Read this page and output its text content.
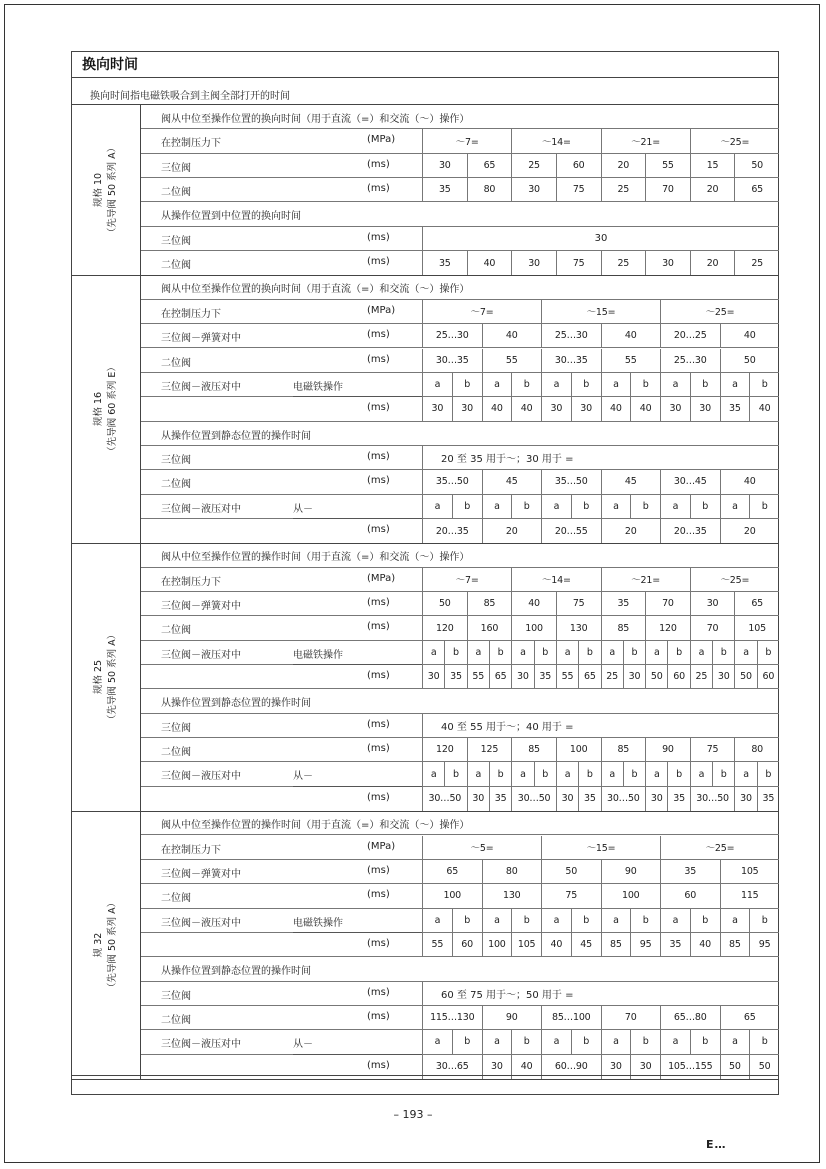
换向时间
换向时间指电磁铁吸合到主阀全部打开的时间
规格 10 （先导阀 50 系列 A）
阀从中位至操作位置的换向时间（用于直流（=）和交流（～）操作）
在控制压力下	(MPa)	～7=	～14=	～21=	～25=
三位阀	(ms)	30	65	25	60	20	55	15	50
二位阀	(ms)	35	80	30	75	25	70	20	65
从操作位置到中位置的换向时间
三位阀	(ms)	30
二位阀	(ms)	35	40	30	75	25	30	20	25
规格 16 （先导阀 60 系列 E）
阀从中位至操作位置的换向时间（用于直流（=）和交流（～）操作）
在控制压力下	(MPa)	～7=	～15=	～25=
三位阀－弹簧对中	(ms)	25…30	40	25…30	40	20…25	40
二位阀	(ms)	30…35	55	30…35	55	25…30	50
三位阀－液压对中	电磁铁操作	a	b	a	b	a	b	a	b	a	b	a	b
(ms)	30	30	40	40	30	30	40	40	30	30	35	40
从操作位置到静态位置的操作时间
三位阀	(ms)	20 至 35 用于～；30 用于 =
二位阀	(ms)	35…50	45	35…50	45	30…45	40
三位阀－液压对中	从－	a	b	a	b	a	b	a	b	a	b	a	b
(ms)	20…35	20	20…55	20	20…35	20
规格 25 （先导阀 50 系列 A）
阀从中位至操作位置的操作时间（用于直流（=）和交流（～）操作）
在控制压力下	(MPa)	～7=	～14=	～21=	～25=
三位阀－弹簧对中	(ms)	50	85	40	75	35	70	30	65
二位阀	(ms)	120	160	100	130	85	120	70	105
三位阀－液压对中	电磁铁操作	a	b	a	b	a	b	a	b	a	b	a	b	a	b	a	b
(ms)	30	35	55	65	30	35	55	65	25	30	50	60	25	30	50	60
从操作位置到静态位置的操作时间
三位阀	(ms)	40 至 55 用于～；40 用于 =
二位阀	(ms)	120	125	85	100	85	90	75	80
三位阀－液压对中	从－	a	b	a	b	a	b	a	b	a	b	a	b	a	b	a	b
(ms)	30…50	30	35	30…50	30	35	30…50	30	35	30…50	30	35
规 32 （先导阀 50 系列 A）
阀从中位至操作位置的操作时间（用于直流（=）和交流（～）操作）
在控制压力下	(MPa)	～5=	～15=	～25=
三位阀－弹簧对中	(ms)	65	80	50	90	35	105
二位阀	(ms)	100	130	75	100	60	115
三位阀－液压对中	电磁铁操作	a	b	a	b	a	b	a	b	a	b	a	b
(ms)	55	60	100	105	40	45	85	95	35	40	85	95
从操作位置到静态位置的操作时间
三位阀	(ms)	60 至 75 用于～；50 用于 =
二位阀	(ms)	115…130	90	85…100	70	65…80	65
三位阀－液压对中	从－	a	b	a	b	a	b	a	b	a	b	a	b
(ms)	30…65	30	40	60…90	30	30	105…155	50	50
– 193 –
E…
